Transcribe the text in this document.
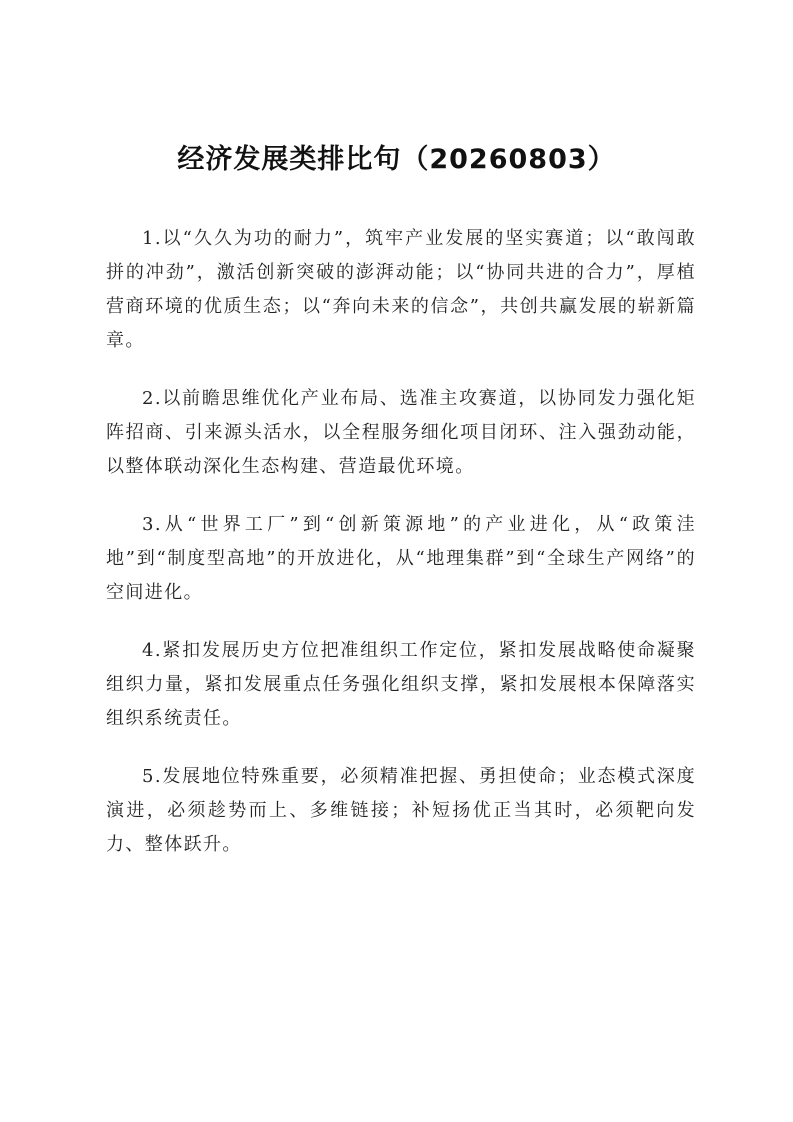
经济发展类排比句（20260803）

1.以“久久为功的耐力”，筑牢产业发展的坚实赛道；以“敢闯敢拼的冲劲”，激活创新突破的澎湃动能；以“协同共进的合力”，厚植营商环境的优质生态；以“奔向未来的信念”，共创共赢发展的崭新篇章。

2.以前瞻思维优化产业布局、选准主攻赛道，以协同发力强化矩阵招商、引来源头活水，以全程服务细化项目闭环、注入强劲动能，以整体联动深化生态构建、营造最优环境。

3.从“世界工厂”到“创新策源地”的产业进化，从“政策洼地”到“制度型高地”的开放进化，从“地理集群”到“全球生产网络”的空间进化。

4.紧扣发展历史方位把准组织工作定位，紧扣发展战略使命凝聚组织力量，紧扣发展重点任务强化组织支撑，紧扣发展根本保障落实组织系统责任。

5.发展地位特殊重要，必须精准把握、勇担使命；业态模式深度演进，必须趁势而上、多维链接；补短扬优正当其时，必须靶向发力、整体跃升。
